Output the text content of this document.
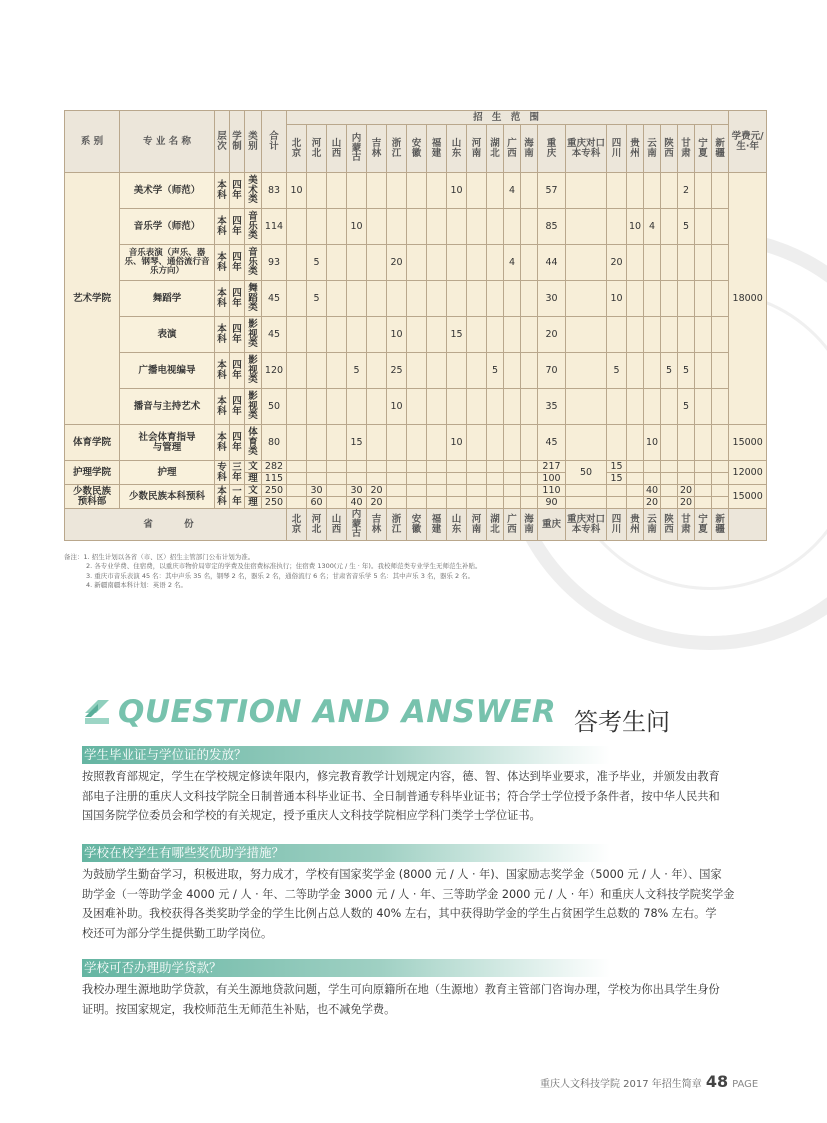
系 别	专 业 名 称	层次	学制	类别	合计	招 生 范 围																						学费元/生·年

						北京	河北	山西	内蒙古	吉林	浙江	安徽	福建	山东	河南	湖北	广西	海南	重庆	重庆对口本专科	四川	贵州	云南	陕西	甘肃	宁夏	新疆	

艺术学院	美术学（师范）	本科	四年	美术类	83	10								10			4		57						2			18000
	音乐学（师范）	本科	四年	音乐类	114				10										85			10	4		5			
	音乐表演（声乐、器乐、钢琴、通俗流行音乐方向）	本科	四年	音乐类	93		5				20						4		44		20							
	舞蹈学	本科	四年	舞蹈类	45		5												30		10							
	表演	本科	四年	影视类	45						10			15					20									
	广播电视编导	本科	四年	影视类	120				5		25					5			70		5			5	5			
	播音与主持艺术	本科	四年	影视类	50						10								35						5			
体育学院	社会体育指导与管理	本科	四年	体育类	80				15					10					45				10					15000
护理学院	护理	专科	三年	文	282														217	50	15							12000
				理	115														100		15							
少数民族预科部	少数民族本科预科	本科	一年	文	250		30		30	20									110				40		20			15000
				理	250		60		40	20									90				20		20			
省 份						北京	河北	山西	内蒙古	吉林	浙江	安徽	福建	山东	河南	湖北	广西	海南	重庆	重庆对口本专科	四川	贵州	云南	陕西	甘肃	宁夏	新疆	

备注：1. 招生计划以各省（市、区）招生主管部门公布计划为准。
2. 各专业学费、住宿费，以重庆市物价局审定的学费及住宿费标准执行；住宿费 1300(元 / 生 · 年)。我校师范类专业学生无师范生补贴。
3. 重庆市音乐表演 45 名：其中声乐 35 名，钢琴 2 名，器乐 2 名，通俗流行 6 名；甘肃省音乐学 5 名：其中声乐 3 名，器乐 2 名。
4. 新疆南疆本科计划：英语 2 名。
QUESTION AND ANSWER 答考生问
学生毕业证与学位证的发放？
按照教育部规定，学生在学校规定修读年限内，修完教育教学计划规定内容，德、智、体达到毕业要求，准予毕业，并颁发由教育
部电子注册的重庆人文科技学院全日制普通本科毕业证书、全日制普通专科毕业证书；符合学士学位授予条件者，按中华人民共和
国国务院学位委员会和学校的有关规定，授予重庆人文科技学院相应学科门类学士学位证书。
学校在校学生有哪些奖优助学措施？
为鼓励学生勤奋学习，积极进取，努力成才，学校有国家奖学金 (8000 元 / 人 · 年)、国家励志奖学金（5000 元 / 人 · 年）、国家
助学金（一等助学金 4000 元 / 人 · 年、二等助学金 3000 元 / 人 · 年、三等助学金 2000 元 / 人 · 年）和重庆人文科技学院奖学金
及困难补助。我校获得各类奖助学金的学生比例占总人数的 40% 左右，其中获得助学金的学生占贫困学生总数的 78% 左右。学
校还可为部分学生提供勤工助学岗位。
学校可否办理助学贷款？
我校办理生源地助学贷款，有关生源地贷款问题，学生可向原籍所在地（生源地）教育主管部门咨询办理，学校为你出具学生身份
证明。按国家规定，我校师范生无师范生补贴，也不减免学费。
重庆人文科技学院 2017 年招生简章 48 PAGE
